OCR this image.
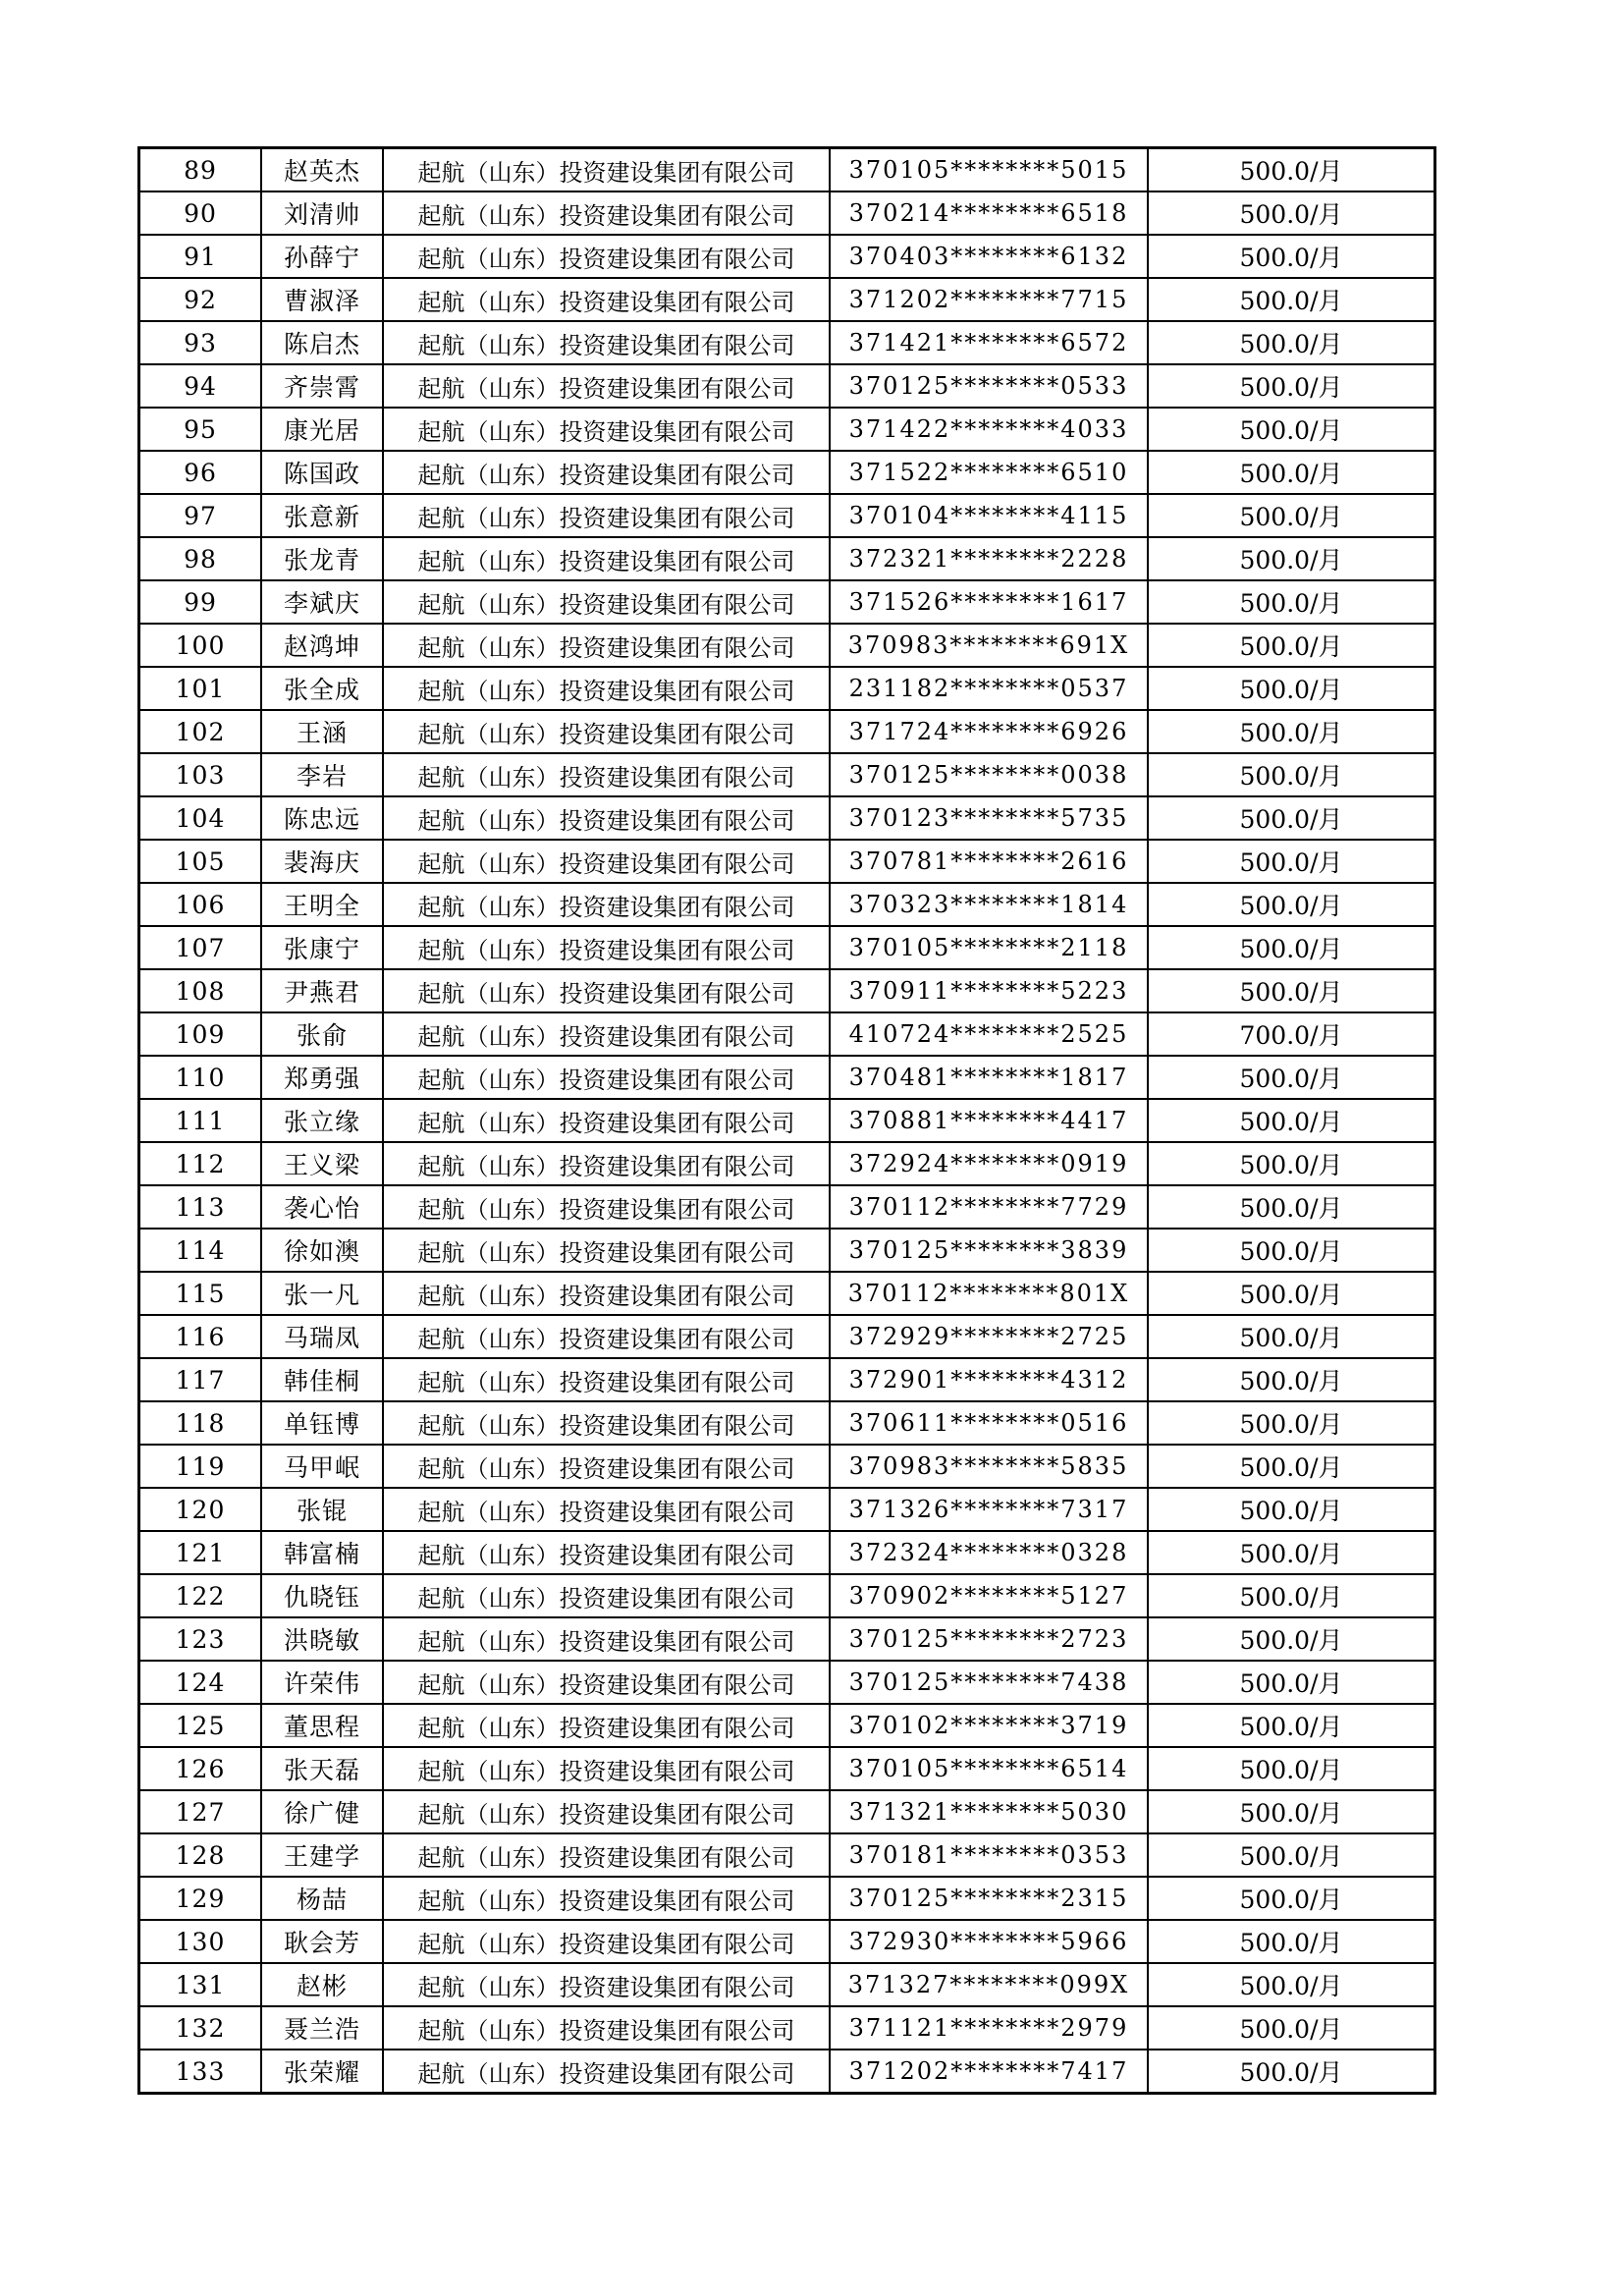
89	赵英杰	起航（山东）投资建设集团有限公司	370105********5015	500.0/月
90	刘清帅	起航（山东）投资建设集团有限公司	370214********6518	500.0/月
91	孙薛宁	起航（山东）投资建设集团有限公司	370403********6132	500.0/月
92	曹淑泽	起航（山东）投资建设集团有限公司	371202********7715	500.0/月
93	陈启杰	起航（山东）投资建设集团有限公司	371421********6572	500.0/月
94	齐崇霄	起航（山东）投资建设集团有限公司	370125********0533	500.0/月
95	康光居	起航（山东）投资建设集团有限公司	371422********4033	500.0/月
96	陈国政	起航（山东）投资建设集团有限公司	371522********6510	500.0/月
97	张意新	起航（山东）投资建设集团有限公司	370104********4115	500.0/月
98	张龙青	起航（山东）投资建设集团有限公司	372321********2228	500.0/月
99	李斌庆	起航（山东）投资建设集团有限公司	371526********1617	500.0/月
100	赵鸿坤	起航（山东）投资建设集团有限公司	370983********691X	500.0/月
101	张全成	起航（山东）投资建设集团有限公司	231182********0537	500.0/月
102	王涵	起航（山东）投资建设集团有限公司	371724********6926	500.0/月
103	李岩	起航（山东）投资建设集团有限公司	370125********0038	500.0/月
104	陈忠远	起航（山东）投资建设集团有限公司	370123********5735	500.0/月
105	裴海庆	起航（山东）投资建设集团有限公司	370781********2616	500.0/月
106	王明全	起航（山东）投资建设集团有限公司	370323********1814	500.0/月
107	张康宁	起航（山东）投资建设集团有限公司	370105********2118	500.0/月
108	尹燕君	起航（山东）投资建设集团有限公司	370911********5223	500.0/月
109	张俞	起航（山东）投资建设集团有限公司	410724********2525	700.0/月
110	郑勇强	起航（山东）投资建设集团有限公司	370481********1817	500.0/月
111	张立缘	起航（山东）投资建设集团有限公司	370881********4417	500.0/月
112	王义梁	起航（山东）投资建设集团有限公司	372924********0919	500.0/月
113	袭心怡	起航（山东）投资建设集团有限公司	370112********7729	500.0/月
114	徐如澳	起航（山东）投资建设集团有限公司	370125********3839	500.0/月
115	张一凡	起航（山东）投资建设集团有限公司	370112********801X	500.0/月
116	马瑞凤	起航（山东）投资建设集团有限公司	372929********2725	500.0/月
117	韩佳桐	起航（山东）投资建设集团有限公司	372901********4312	500.0/月
118	单钰博	起航（山东）投资建设集团有限公司	370611********0516	500.0/月
119	马甲岷	起航（山东）投资建设集团有限公司	370983********5835	500.0/月
120	张锟	起航（山东）投资建设集团有限公司	371326********7317	500.0/月
121	韩富楠	起航（山东）投资建设集团有限公司	372324********0328	500.0/月
122	仇晓钰	起航（山东）投资建设集团有限公司	370902********5127	500.0/月
123	洪晓敏	起航（山东）投资建设集团有限公司	370125********2723	500.0/月
124	许荣伟	起航（山东）投资建设集团有限公司	370125********7438	500.0/月
125	董思程	起航（山东）投资建设集团有限公司	370102********3719	500.0/月
126	张天磊	起航（山东）投资建设集团有限公司	370105********6514	500.0/月
127	徐广健	起航（山东）投资建设集团有限公司	371321********5030	500.0/月
128	王建学	起航（山东）投资建设集团有限公司	370181********0353	500.0/月
129	杨喆	起航（山东）投资建设集团有限公司	370125********2315	500.0/月
130	耿会芳	起航（山东）投资建设集团有限公司	372930********5966	500.0/月
131	赵彬	起航（山东）投资建设集团有限公司	371327********099X	500.0/月
132	聂兰浩	起航（山东）投资建设集团有限公司	371121********2979	500.0/月
133	张荣耀	起航（山东）投资建设集团有限公司	371202********7417	500.0/月
